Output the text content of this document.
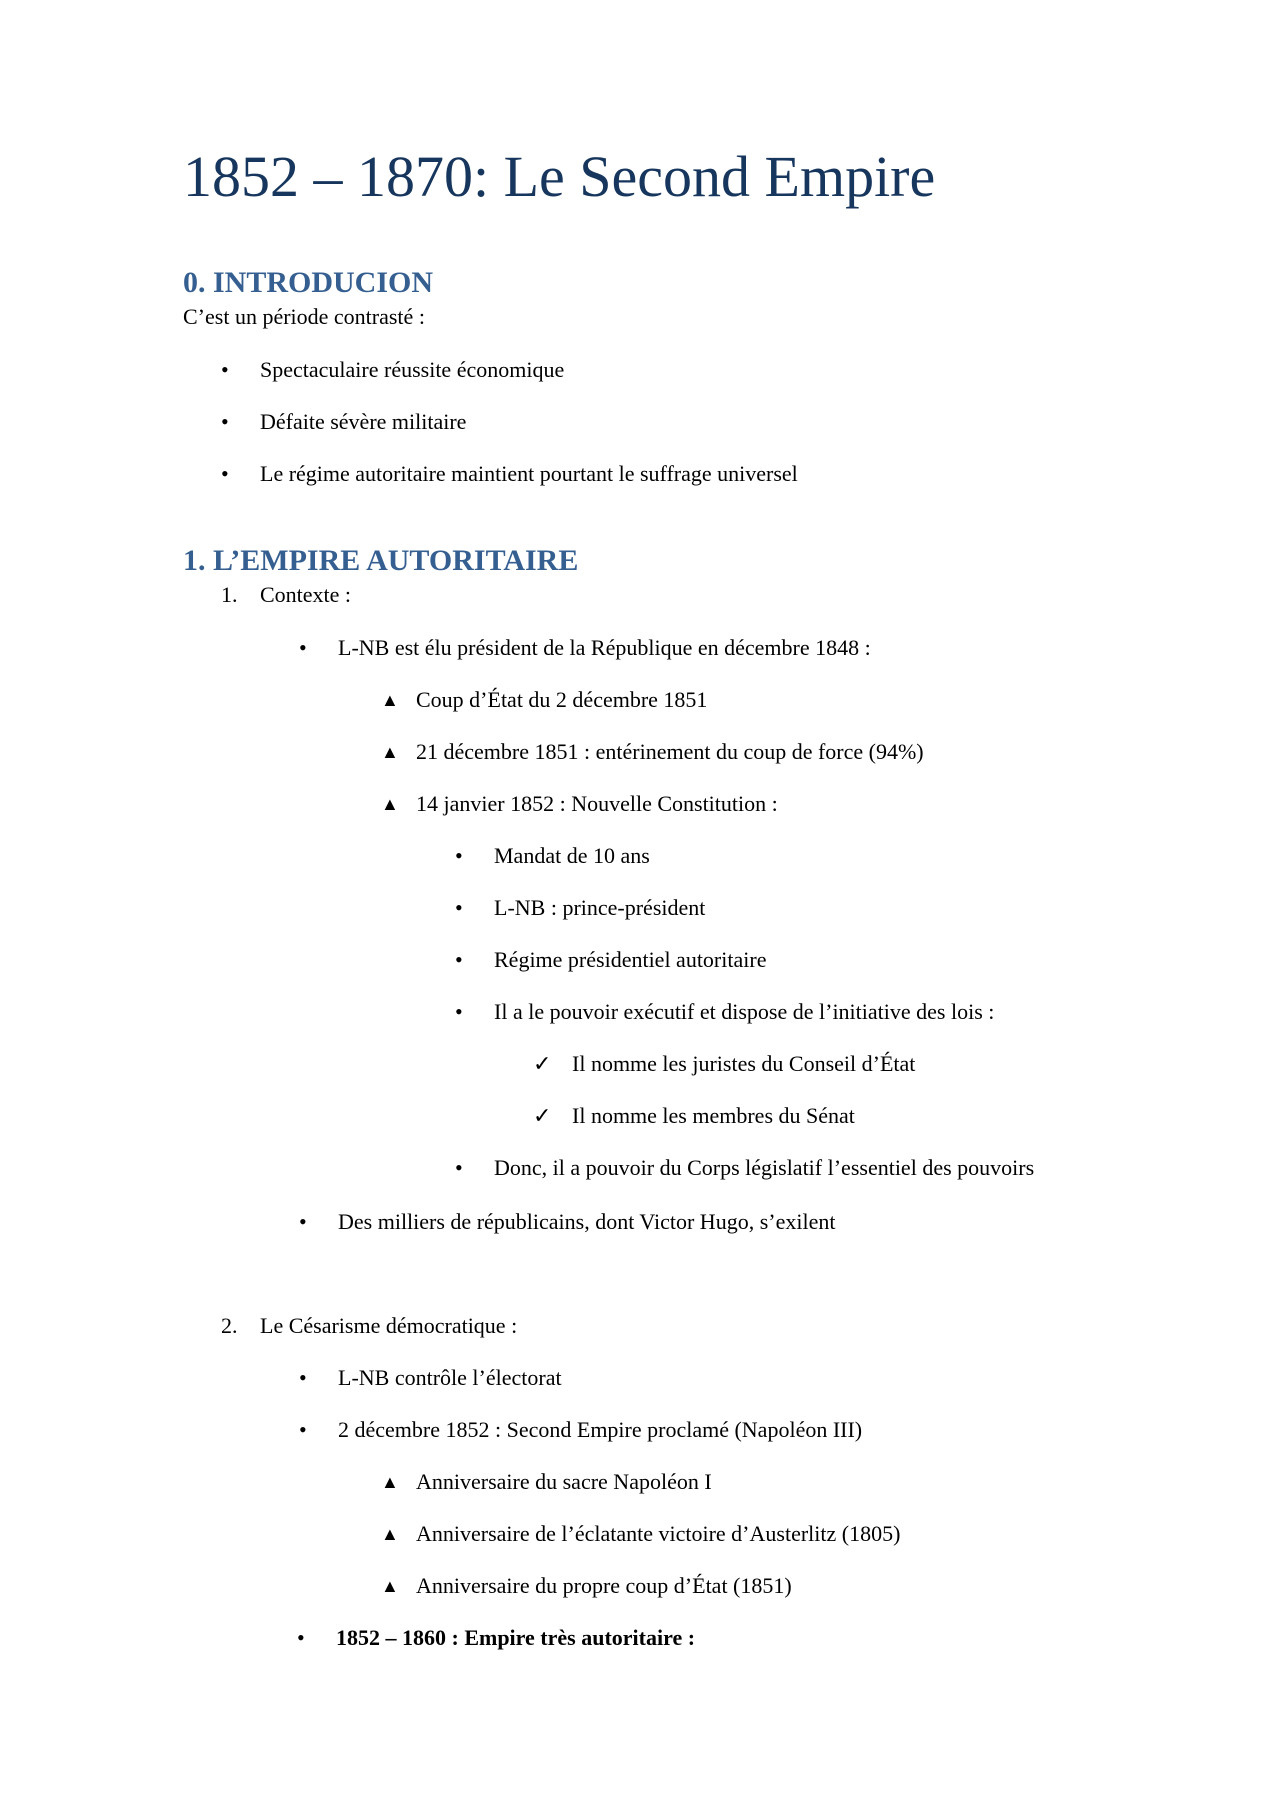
1852 – 1870: Le Second Empire
0. INTRODUCION
C’est un période contrasté :
• Spectaculaire réussite économique
• Défaite sévère militaire
• Le régime autoritaire maintient pourtant le suffrage universel
1. L’EMPIRE AUTORITAIRE
1. Contexte :
• L-NB est élu président de la République en décembre 1848 :
▲ Coup d’État du 2 décembre 1851
▲ 21 décembre 1851 : entérinement du coup de force (94%)
▲ 14 janvier 1852 : Nouvelle Constitution :
• Mandat de 10 ans
• L-NB : prince-président
• Régime présidentiel autoritaire
• Il a le pouvoir exécutif et dispose de l’initiative des lois :
✓ Il nomme les juristes du Conseil d’État
✓ Il nomme les membres du Sénat
• Donc, il a pouvoir du Corps législatif l’essentiel des pouvoirs
• Des milliers de républicains, dont Victor Hugo, s’exilent
2. Le Césarisme démocratique :
• L-NB contrôle l’électorat
• 2 décembre 1852 : Second Empire proclamé (Napoléon III)
▲ Anniversaire du sacre Napoléon I
▲ Anniversaire de l’éclatante victoire d’Austerlitz (1805)
▲ Anniversaire du propre coup d’État (1851)
• 1852 – 1860 : Empire très autoritaire :
